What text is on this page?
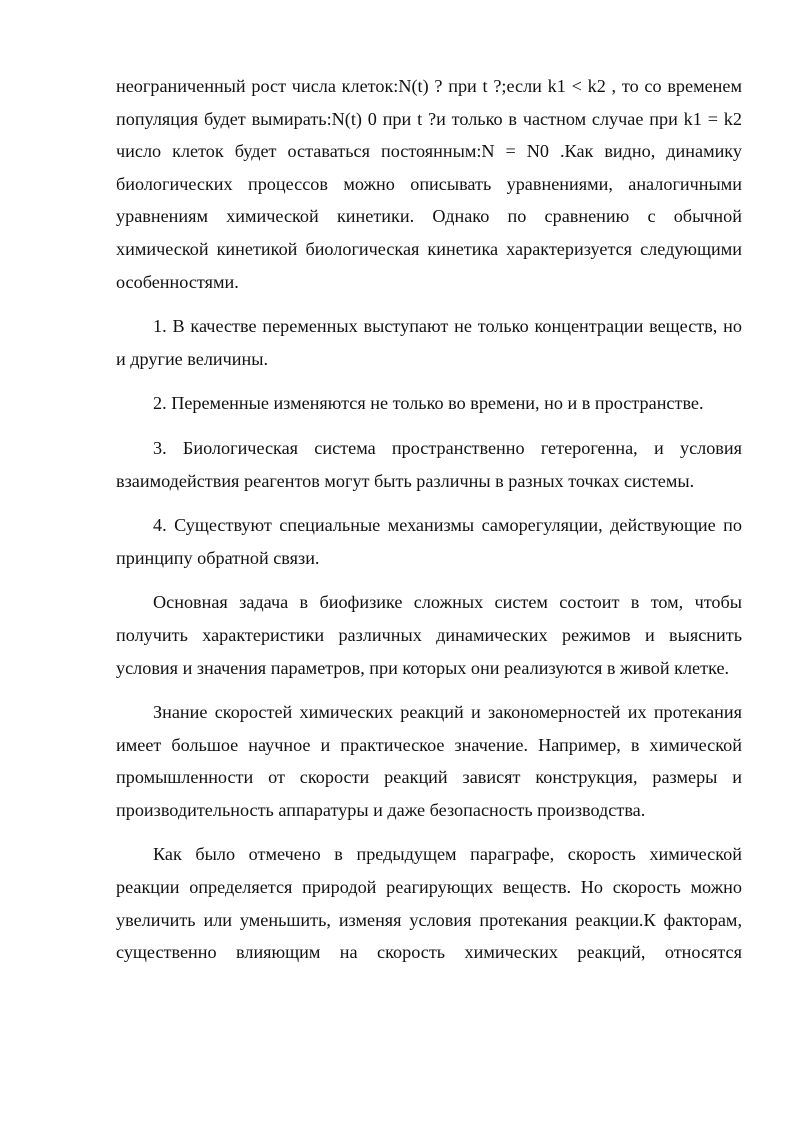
неограниченный рост числа клеток:N(t) ? при t ?;если k1 < k2 , то со временем популяция будет вымирать:N(t) 0 при t ?и только в частном случае при k1 = k2 число клеток будет оставаться постоянным:N = N0 .Как видно, динамику биологических процессов можно описывать уравнениями, аналогичными уравнениям химической кинетики. Однако по сравнению с обычной химической кинетикой биологическая кинетика характеризуется следующими особенностями.

1. В качестве переменных выступают не только концентрации веществ, но и другие величины.

2. Переменные изменяются не только во времени, но и в пространстве.

3. Биологическая система пространственно гетерогенна, и условия взаимодействия реагентов могут быть различны в разных точках системы.

4. Существуют специальные механизмы саморегуляции, действующие по принципу обратной связи.

Основная задача в биофизике сложных систем состоит в том, чтобы получить характеристики различных динамических режимов и выяснить условия и значения параметров, при которых они реализуются в живой клетке.

Знание скоростей химических реакций и закономерностей их протекания имеет большое научное и практическое значение. Например, в химической промышленности от скорости реакций зависят конструкция, размеры и производительность аппаратуры и даже безопасность производства.

Как было отмечено в предыдущем параграфе, скорость химической реакции определяется природой реагирующих веществ. Но скорость можно увеличить или уменьшить, изменяя условия протекания реакции.К факторам, существенно влияющим на скорость химических реакций, относятся
